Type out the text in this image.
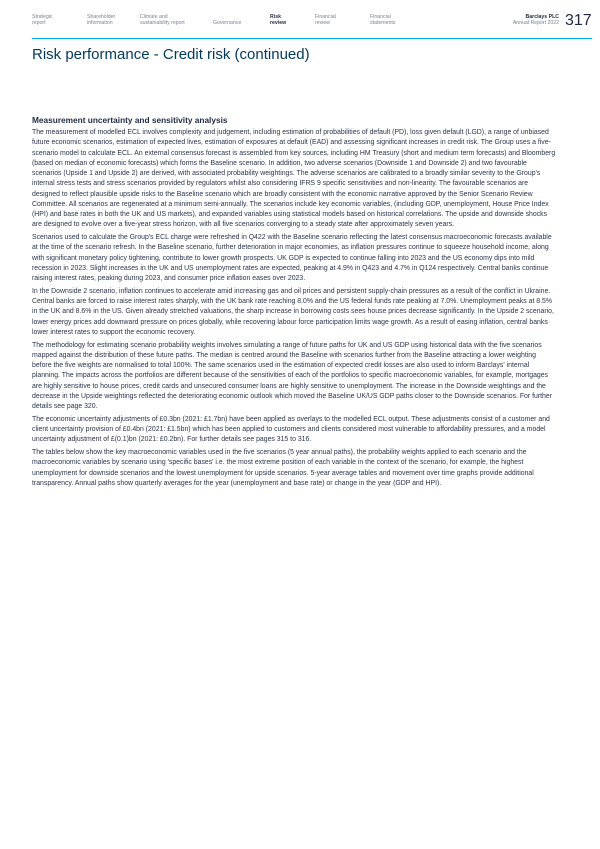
Strategic
report
Shareholder
information
Climate and
sustainability report
	Governance
Risk
review
Financial
review
Financial
statements
Barclays PLC
Annual Report 2022 317
Risk performance - Credit risk (continued)
Measurement uncertainty and sensitivity analysis

The measurement of modelled ECL involves complexity and judgement, including estimation of probabilities of default (PD), loss given default (LGD), a range of unbiased future economic scenarios, estimation of expected lives, estimation of exposures at default (EAD) and assessing significant increases in credit risk. The Group uses a five-scenario model to calculate ECL. An external consensus forecast is assembled from key sources, including HM Treasury (short and medium term forecasts) and Bloomberg (based on median of economic forecasts) which forms the Baseline scenario. In addition, two adverse scenarios (Downside 1 and Downside 2) and two favourable scenarios (Upside 1 and Upside 2) are derived, with associated probability weightings. The adverse scenarios are calibrated to a broadly similar severity to the Group's internal stress tests and stress scenarios provided by regulators whilst also considering IFRS 9 specific sensitivities and non-linearity. The favourable scenarios are designed to reflect plausible upside risks to the Baseline scenario which are broadly consistent with the economic narrative approved by the Senior Scenario Review Committee. All scenarios are regenerated at a minimum semi-annually. The scenarios include key economic variables, (including GDP, unemployment, House Price Index (HPI) and base rates in both the UK and US markets), and expanded variables using statistical models based on historical correlations. The upside and downside shocks are designed to evolve over a five-year stress horizon, with all five scenarios converging to a steady state after approximately seven years.

Scenarios used to calculate the Group's ECL charge were refreshed in Q422 with the Baseline scenario reflecting the latest consensus macroeconomic forecasts available at the time of the scenario refresh. In the Baseline scenario, further deterioration in major economies, as inflation pressures continue to squeeze household income, along with significant monetary policy tightening, contribute to lower growth prospects. UK GDP is expected to continue falling into 2023 and the US economy dips into mild recession in 2023. Slight increases in the UK and US unemployment rates are expected, peaking at 4.9% in Q423 and 4.7% in Q124 respectively. Central banks continue raising interest rates, peaking during 2023, and consumer price inflation eases over 2023.

In the Downside 2 scenario, inflation continues to accelerate amid increasing gas and oil prices and persistent supply-chain pressures as a result of the conflict in Ukraine. Central banks are forced to raise interest rates sharply, with the UK bank rate reaching 8.0% and the US federal funds rate peaking at 7.0%. Unemployment peaks at 8.5% in the UK and 8.6% in the US. Given already stretched valuations, the sharp increase in borrowing costs sees house prices decrease significantly. In the Upside 2 scenario, lower energy prices add downward pressure on prices globally, while recovering labour force participation limits wage growth. As a result of easing inflation, central banks lower interest rates to support the economic recovery.

The methodology for estimating scenario probability weights involves simulating a range of future paths for UK and US GDP using historical data with the five scenarios mapped against the distribution of these future paths. The median is centred around the Baseline with scenarios further from the Baseline attracting a lower weighting before the five weights are normalised to total 100%. The same scenarios used in the estimation of expected credit losses are also used to inform Barclays' internal planning. The impacts across the portfolios are different because of the sensitivities of each of the portfolios to specific macroeconomic variables, for example, mortgages are highly sensitive to house prices, credit cards and unsecured consumer loans are highly sensitive to unemployment. The increase in the Downside weightings and the decrease in the Upside weightings reflected the deteriorating economic outlook which moved the Baseline UK/US GDP paths closer to the Downside scenarios. For further details see page 320.

The economic uncertainty adjustments of £0.3bn (2021: £1.7bn) have been applied as overlays to the modelled ECL output. These adjustments consist of a customer and client uncertainty provision of £0.4bn (2021: £1.5bn) which has been applied to customers and clients considered most vulnerable to affordability pressures, and a model uncertainty adjustment of £(0.1)bn (2021: £0.2bn). For further details see pages 315 to 316.

The tables below show the key macroeconomic variables used in the five scenarios (5 year annual paths), the probability weights applied to each scenario and the macroeconomic variables by scenario using 'specific bases' i.e. the most extreme position of each variable in the context of the scenario, for example, the highest unemployment for downside scenarios and the lowest unemployment for upside scenarios. 5-year average tables and movement over time graphs provide additional transparency. Annual paths show quarterly averages for the year (unemployment and base rate) or change in the year (GDP and HPI).
